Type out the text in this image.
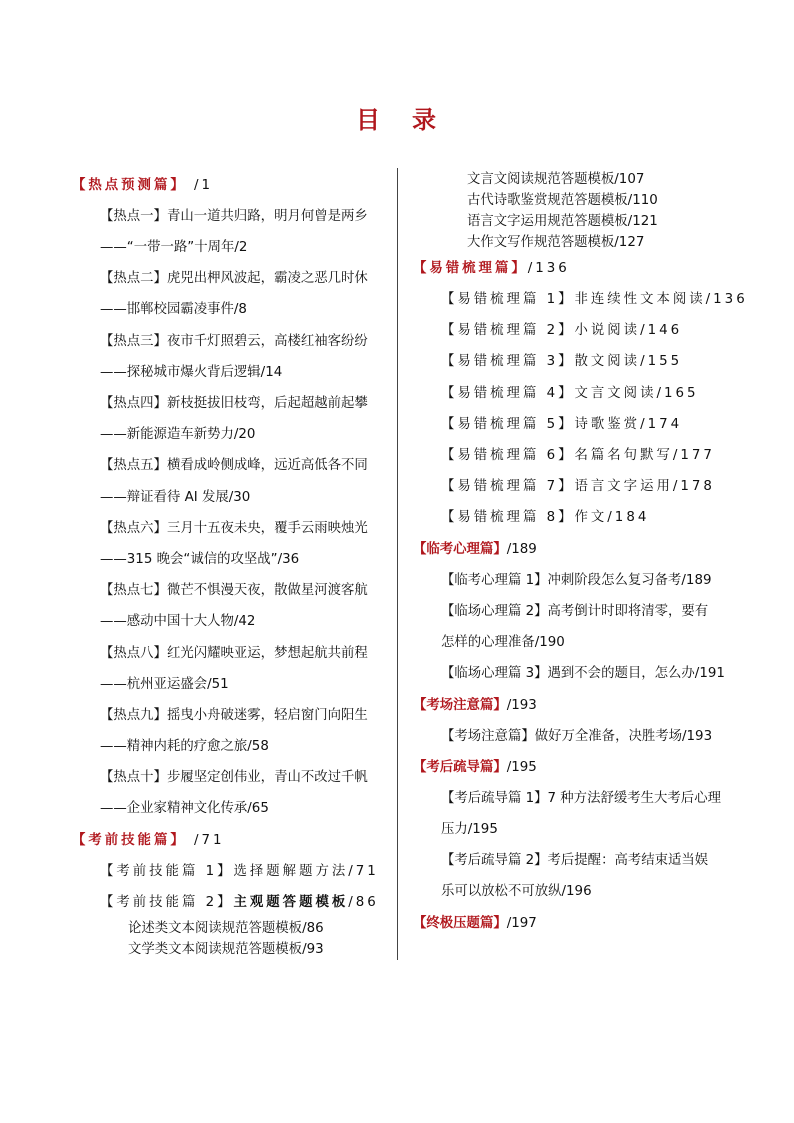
目 录
【热点预测篇】 /1
【热点一】青山一道共归路，明月何曾是两乡
——“一带一路”十周年/2
【热点二】虎兕出柙风波起，霸凌之恶几时休
——邯郸校园霸凌事件/8
【热点三】夜市千灯照碧云，高楼红袖客纷纷
——探秘城市爆火背后逻辑/14
【热点四】新枝挺拔旧枝弯，后起超越前起攀
——新能源造车新势力/20
【热点五】横看成岭侧成峰，远近高低各不同
——辩证看待 AI 发展/30
【热点六】三月十五夜未央，覆手云雨映烛光
——315 晚会“诚信的攻坚战”/36
【热点七】微芒不惧漫天夜，散做星河渡客航
——感动中国十大人物/42
【热点八】红光闪耀映亚运，梦想起航共前程
——杭州亚运盛会/51
【热点九】摇曳小舟破迷雾，轻启窗门向阳生
——精神内耗的疗愈之旅/58
【热点十】步履坚定创伟业，青山不改过千帆
——企业家精神文化传承/65
【考前技能篇】 /71
【考前技能篇 1】选择题解题方法/71
【考前技能篇 2】主观题答题模板/86
论述类文本阅读规范答题模板/86
文学类文本阅读规范答题模板/93
文言文阅读规范答题模板/107
古代诗歌鉴赏规范答题模板/110
语言文字运用规范答题模板/121
大作文写作规范答题模板/127
【易错梳理篇】/136
【易错梳理篇 1】非连续性文本阅读/136
【易错梳理篇 2】小说阅读/146
【易错梳理篇 3】散文阅读/155
【易错梳理篇 4】文言文阅读/165
【易错梳理篇 5】诗歌鉴赏/174
【易错梳理篇 6】名篇名句默写/177
【易错梳理篇 7】语言文字运用/178
【易错梳理篇 8】作文/184
【临考心理篇】/189
【临考心理篇 1】冲刺阶段怎么复习备考/189
【临场心理篇 2】高考倒计时即将清零，要有
怎样的心理准备/190
【临场心理篇 3】遇到不会的题目，怎么办/191
【考场注意篇】/193
【考场注意篇】做好万全准备，决胜考场/193
【考后疏导篇】/195
【考后疏导篇 1】7 种方法舒缓考生大考后心理
压力/195
【考后疏导篇 2】考后提醒：高考结束适当娱
乐可以放松不可放纵/196
【终极压题篇】/197
